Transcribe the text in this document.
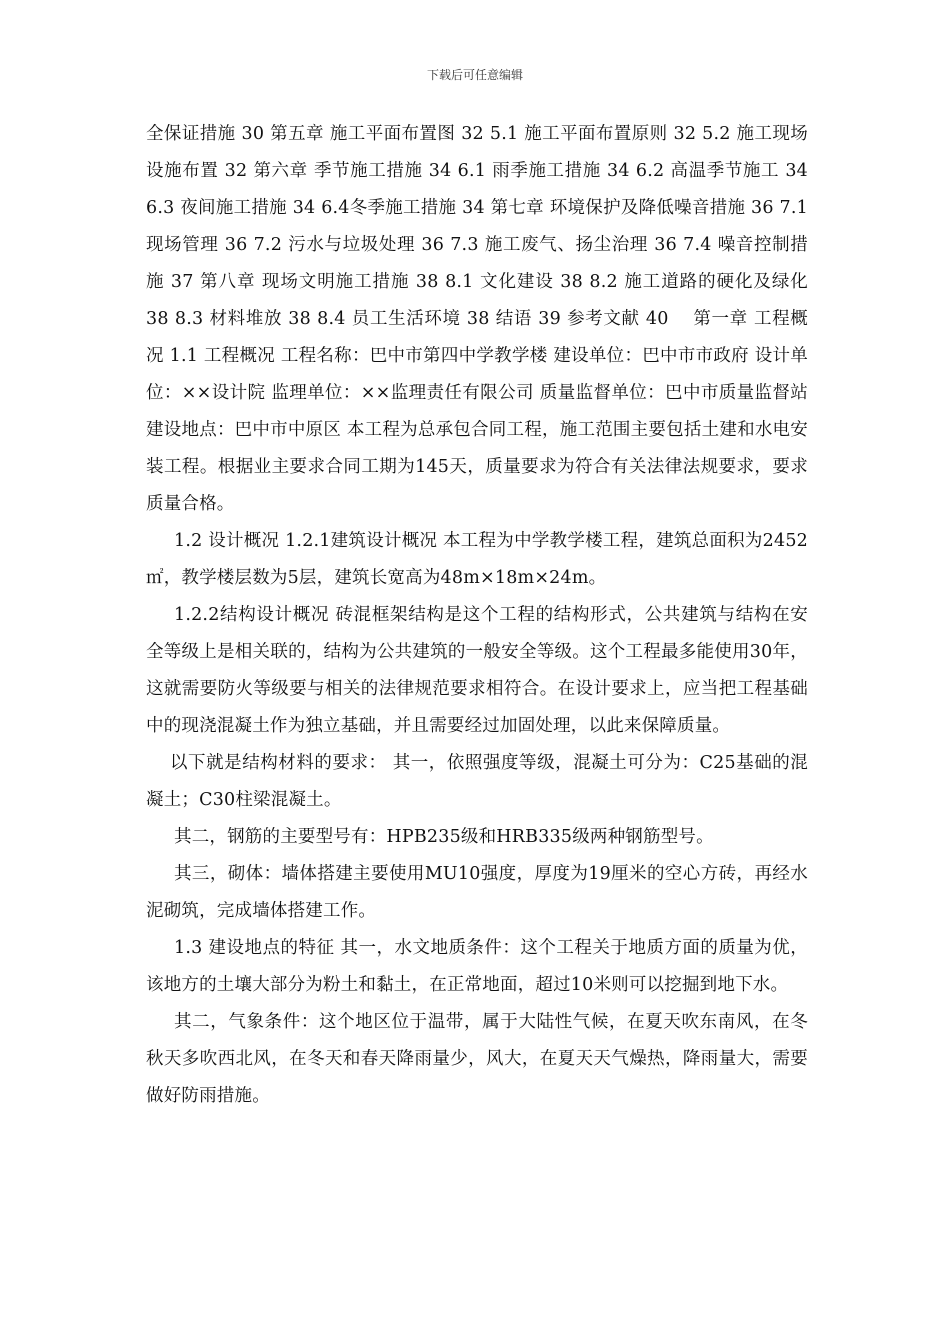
下载后可任意编辑

全保证措施 30 第五章 施工平面布置图 32 5.1 施工平面布置原则 32 5.2 施工现场设施布置 32 第六章 季节施工措施 34 6.1 雨季施工措施 34 6.2 高温季节施工 34 6.3 夜间施工措施 34 6.4冬季施工措施 34 第七章 环境保护及降低噪音措施 36 7.1 现场管理 36 7.2 污水与垃圾处理 36 7.3 施工废气、扬尘治理 36 7.4 噪音控制措施 37 第八章 现场文明施工措施 38 8.1 文化建设 38 8.2 施工道路的硬化及绿化 38 8.3 材料堆放 38 8.4 员工生活环境 38 结语 39 参考文献 40　 第一章 工程概况 1.1 工程概况 工程名称：巴中市第四中学教学楼 建设单位：巴中市市政府 设计单位：××设计院 监理单位：××监理责任有限公司 质量监督单位：巴中市质量监督站 建设地点：巴中市中原区 本工程为总承包合同工程，施工范围主要包括土建和水电安装工程。根据业主要求合同工期为145天，质量要求为符合有关法律法规要求，要求质量合格。

1.2 设计概况 1.2.1建筑设计概况 本工程为中学教学楼工程，建筑总面积为2452㎡，教学楼层数为5层，建筑长宽高为48m×18m×24m。

1.2.2结构设计概况 砖混框架结构是这个工程的结构形式，公共建筑与结构在安全等级上是相关联的，结构为公共建筑的一般安全等级。这个工程最多能使用30年，这就需要防火等级要与相关的法律规范要求相符合。在设计要求上，应当把工程基础中的现浇混凝土作为独立基础，并且需要经过加固处理，以此来保障质量。

以下就是结构材料的要求： 其一，依照强度等级，混凝土可分为：C25基础的混凝土；C30柱梁混凝土。

其二，钢筋的主要型号有：HPB235级和HRB335级两种钢筋型号。

其三，砌体：墙体搭建主要使用MU10强度，厚度为19厘米的空心方砖，再经水泥砌筑，完成墙体搭建工作。

1.3 建设地点的特征 其一，水文地质条件：这个工程关于地质方面的质量为优，该地方的土壤大部分为粉土和黏土，在正常地面，超过10米则可以挖掘到地下水。

其二，气象条件：这个地区位于温带，属于大陆性气候，在夏天吹东南风，在冬秋天多吹西北风，在冬天和春天降雨量少，风大，在夏天天气燥热，降雨量大，需要做好防雨措施。
